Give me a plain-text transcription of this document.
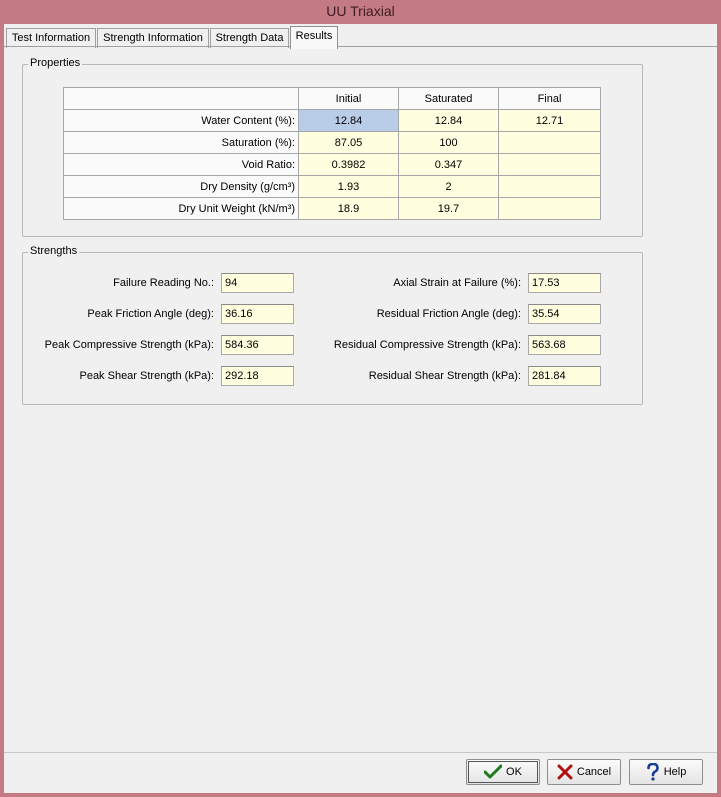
UU Triaxial
Test Information	Strength Information	Strength Data	Results
Properties
	Initial	Saturated	Final
Water Content (%):	12.84	12.84	12.71
Saturation (%):	87.05	100	
Void Ratio:	0.3982	0.347	
Dry Density (g/cm³)	1.93	2	
Dry Unit Weight (kN/m³)	18.9	19.7	
Strengths
Failure Reading No.:	94
Peak Friction Angle (deg):	36.16
Peak Compressive Strength (kPa):	584.36
Peak Shear Strength (kPa):	292.18
Axial Strain at Failure (%):	17.53
Residual Friction Angle (deg):	35.54
Residual Compressive Strength (kPa):	563.68
Residual Shear Strength (kPa):	281.84
OK	Cancel	Help
